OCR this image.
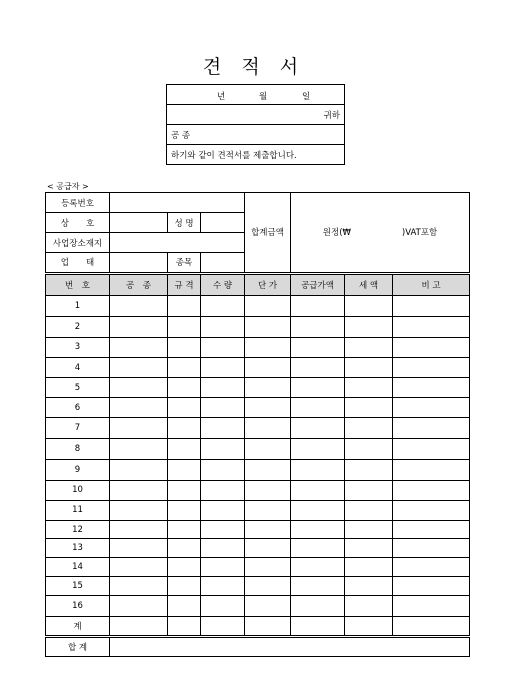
견 적 서
년	월	일

귀하
공 종
하기와 같이 견적서를 제출합니다.
< 공급자 >
등록번호				합계금액	원정(₩　　　　　　)VAT포함		
상　　호		성 명					
사업장소재지							
업　　태		종목					
번　호	공　종	규 격	수 량	단 가	공급가액	세 액	비 고
1							
2							
3							
4							
5							
6							
7							
8							
9							
10							
11							
12							
13							
14							
15							
16							
계							
합 계							
